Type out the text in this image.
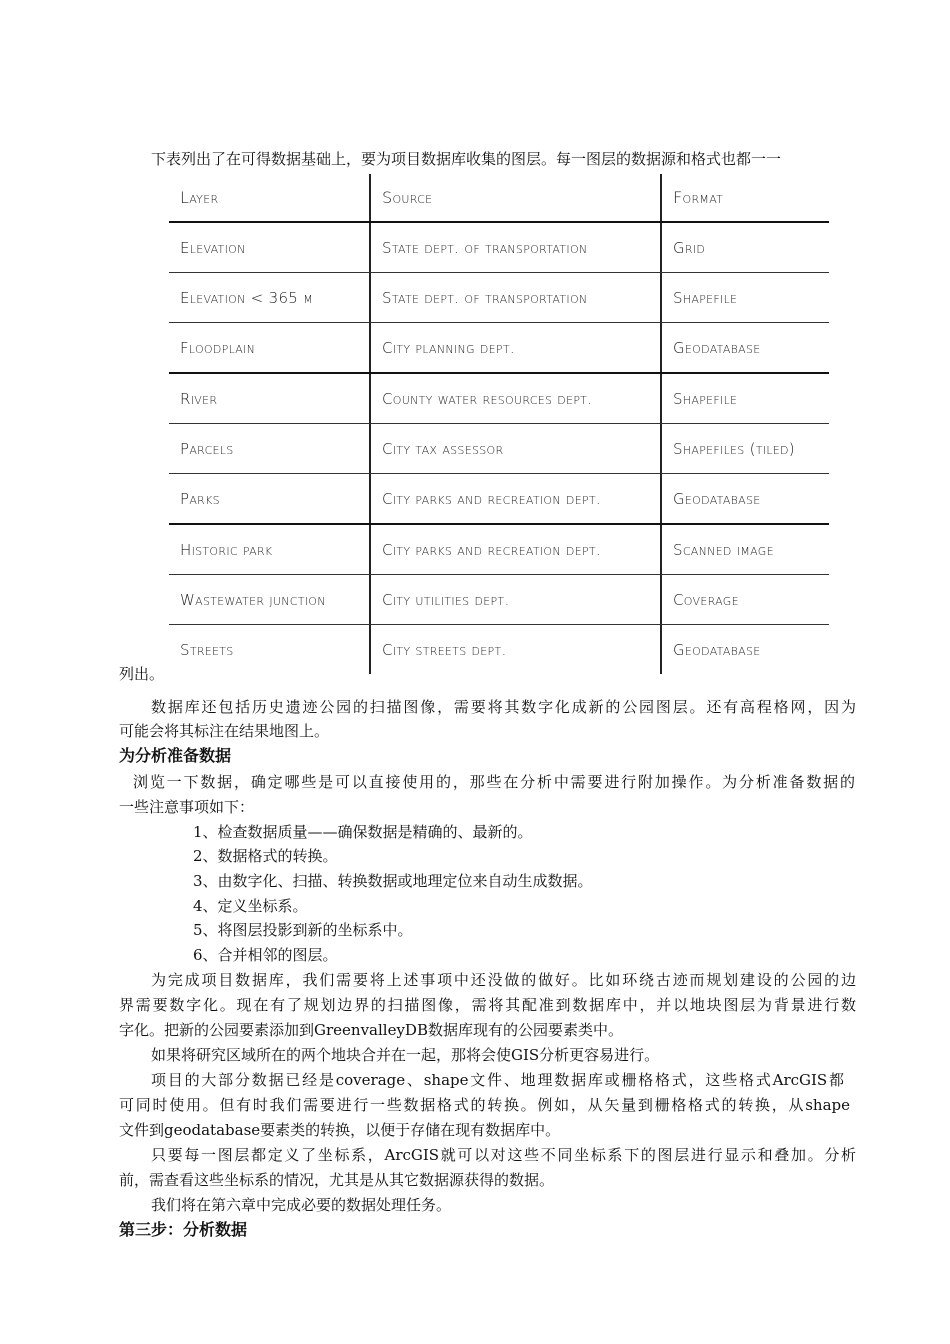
下表列出了在可得数据基础上，要为项目数据库收集的图层。每一图层的数据源和格式也都一一
Layer	Source	Format
Elevation	State dept. of transportation	Grid
Elevation < 365 m	State dept. of transportation	Shapefile
Floodplain	City planning dept.	Geodatabase
River	County water resources dept.	Shapefile
Parcels	City tax assessor	Shapefiles (tiled)
Parks	City parks and recreation dept.	Geodatabase
Historic park	City parks and recreation dept.	Scanned image
Wastewater junction	City utilities dept.	Coverage
Streets	City streets dept.	Geodatabase
列出。
数据库还包括历史遗迹公园的扫描图像，需要将其数字化成新的公园图层。还有高程格网，因为
可能会将其标注在结果地图上。
为分析准备数据
浏览一下数据，确定哪些是可以直接使用的，那些在分析中需要进行附加操作。为分析准备数据的
一些注意事项如下：
1、检查数据质量——确保数据是精确的、最新的。
2、数据格式的转换。
3、由数字化、扫描、转换数据或地理定位来自动生成数据。
4、定义坐标系。
5、将图层投影到新的坐标系中。
6、合并相邻的图层。
为完成项目数据库，我们需要将上述事项中还没做的做好。比如环绕古迹而规划建设的公园的边
界需要数字化。现在有了规划边界的扫描图像，需将其配准到数据库中，并以地块图层为背景进行数
字化。把新的公园要素添加到GreenvalleyDB数据库现有的公园要素类中。
如果将研究区域所在的两个地块合并在一起，那将会使GIS分析更容易进行。
项目的大部分数据已经是coverage、shape文件、地理数据库或栅格格式，这些格式ArcGIS都
可同时使用。但有时我们需要进行一些数据格式的转换。例如，从矢量到栅格格式的转换，从shape
文件到geodatabase要素类的转换，以便于存储在现有数据库中。
只要每一图层都定义了坐标系，ArcGIS就可以对这些不同坐标系下的图层进行显示和叠加。分析
前，需查看这些坐标系的情况，尤其是从其它数据源获得的数据。
我们将在第六章中完成必要的数据处理任务。
第三步：分析数据
